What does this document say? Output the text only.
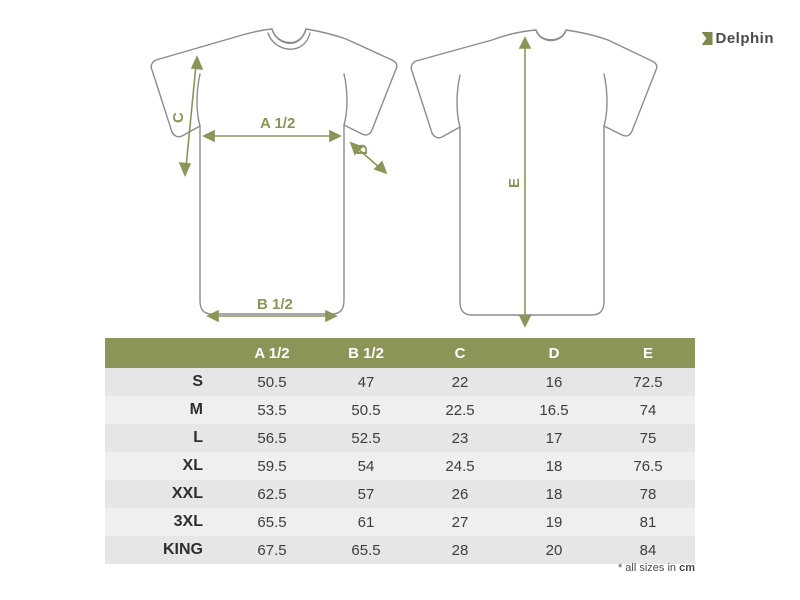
Delphin
A 1/2
B 1/2
C
D
E
	A 1/2	B 1/2	C	D	E
S	50.5	47	22	16	72.5
M	53.5	50.5	22.5	16.5	74
L	56.5	52.5	23	17	75
XL	59.5	54	24.5	18	76.5
XXL	62.5	57	26	18	78
3XL	65.5	61	27	19	81
KING	67.5	65.5	28	20	84
* all sizes in cm
